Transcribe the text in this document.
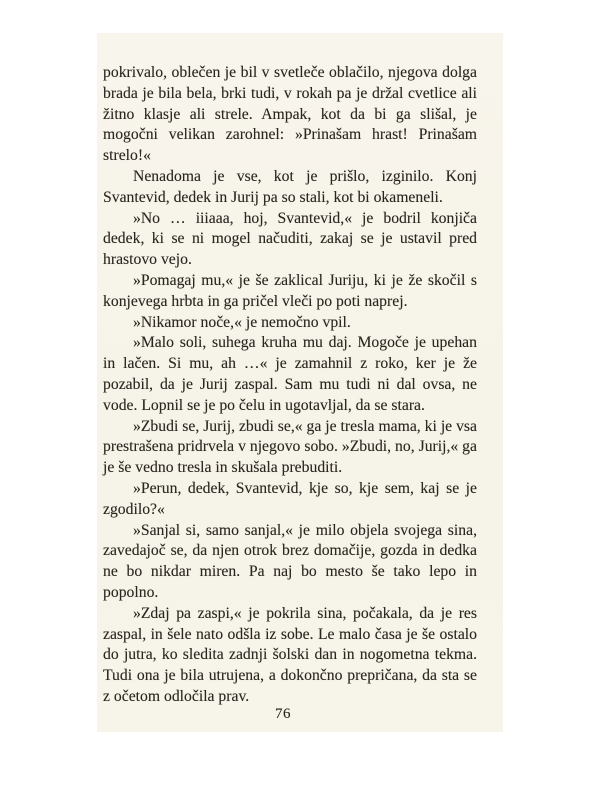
pokrivalo, oblečen je bil v svetleče oblačilo, njegova dolga brada je bila bela, brki tudi, v rokah pa je držal cvetlice ali žitno klasje ali strele. Ampak, kot da bi ga slišal, je mogočni velikan zarohnel: »Prinašam hrast! Prinašam strelo!«

Nenadoma je vse, kot je prišlo, izginilo. Konj Svantevid, dedek in Jurij pa so stali, kot bi okameneli.

»No … iiiaaa, hoj, Svantevid,« je bodril konjiča dedek, ki se ni mogel načuditi, zakaj se je ustavil pred hrastovo vejo.

»Pomagaj mu,« je še zaklical Juriju, ki je že skočil s konjevega hrbta in ga pričel vleči po poti naprej.

»Nikamor noče,« je nemočno vpil.

»Malo soli, suhega kruha mu daj. Mogoče je upehan in lačen. Si mu, ah …« je zamahnil z roko, ker je že pozabil, da je Jurij zaspal. Sam mu tudi ni dal ovsa, ne vode. Lopnil se je po čelu in ugotavljal, da se stara.

»Zbudi se, Jurij, zbudi se,« ga je tresla mama, ki je vsa prestrašena pridrvela v njegovo sobo. »Zbudi, no, Jurij,« ga je še vedno tresla in skušala prebuditi.

»Perun, dedek, Svantevid, kje so, kje sem, kaj se je zgodilo?«

»Sanjal si, samo sanjal,« je milo objela svojega sina, zavedajoč se, da njen otrok brez domačije, gozda in dedka ne bo nikdar miren. Pa naj bo mesto še tako lepo in popolno.

»Zdaj pa zaspi,« je pokrila sina, počakala, da je res zaspal, in šele nato odšla iz sobe. Le malo časa je še ostalo do jutra, ko sledita zadnji šolski dan in nogometna tekma. Tudi ona je bila utrujena, a dokončno prepričana, da sta se z očetom odločila prav.

76
